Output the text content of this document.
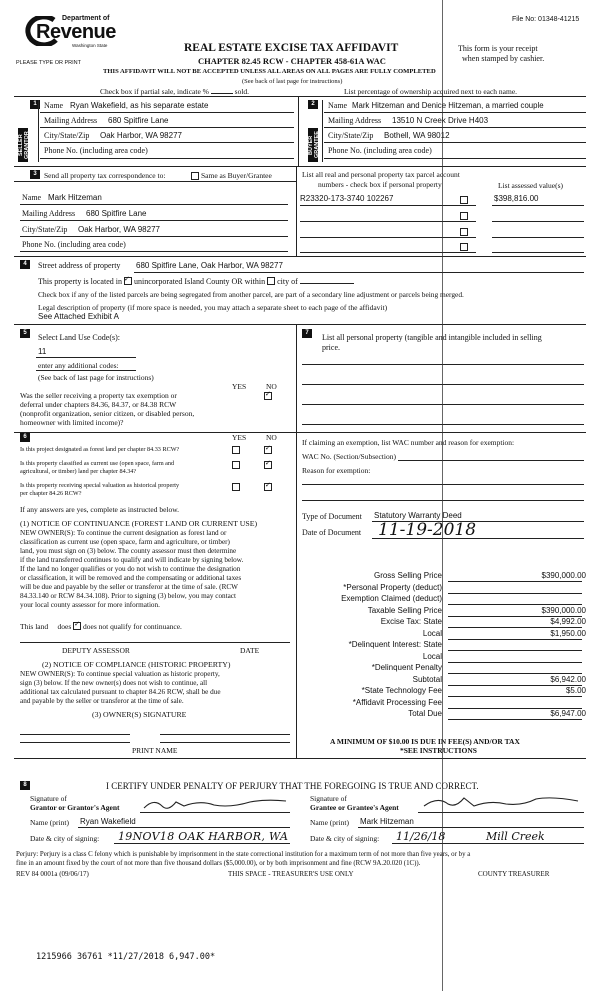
Department of
Revenue
Washington State
PLEASE TYPE OR PRINT
File No: 01348-41215
REAL ESTATE EXCISE TAX AFFIDAVIT
CHAPTER 82.45 RCW - CHAPTER 458-61A WAC
This form is your receipt
when stamped by cashier.
THIS AFFIDAVIT WILL NOT BE ACCEPTED UNLESS ALL AREAS ON ALL PAGES ARE FULLY COMPLETED
(See back of last page for instructions)
Check box if partial sale, indicate %	sold.	List percentage of ownership acquired next to each name.
1
SELLER GRANTOR
Name Ryan Wakefield, as his separate estate
Mailing Address 680 Spitfire Lane
City/State/Zip Oak Harbor, WA 98277
Phone No. (including area code)
2
BUYER GRANTEE
Name Mark Hitzeman and Denice Hitzeman, a married couple
Mailing Address 13510 N Creek Drive H403
City/State/Zip Bothell, WA 98012
Phone No. (including area code)
3 Send all property tax correspondence to:	Same as Buyer/Grantee
Name Mark Hitzeman
Mailing Address 680 Spitfire Lane
City/State/Zip Oak Harbor, WA 98277
Phone No. (including area code)
List all real and personal property tax parcel account
numbers - check box if personal property	List assessed value(s)
R23320-173-3740 102267	$398,816.00
4	Street address of property 680 Spitfire Lane, Oak Harbor, WA 98277
This property is located in ✓ unincorporated Island County OR within city of
Check box if any of the listed parcels are being segregated from another parcel, are part of a secondary line adjustment or parcels being merged.
Legal description of property (if more space is needed, you may attach a separate sheet to each page of the affidavit)
See Attached Exhibit A
5	Select Land Use Code(s):
11
enter any additional codes:
(See back of last page for instructions)
YES	NO
Was the seller receiving a property tax exemption or
deferral under chapters 84.36, 84.37, or 84.38 RCW
(nonprofit organization, senior citizen, or disabled person,
homeowner with limited income)?
✓
7	List all personal property (tangible and intangible included in selling
price.
6	YES	NO
Is this project designated as forest land per chapter 84.33 RCW?	✓
Is this property classified as current use (open space, farm and
agricultural, or timber) land per chapter 84.34?
✓
Is this property receiving special valuation as historical property
per chapter 84.26 RCW?
✓
If any answers are yes, complete as instructed below.
(1) NOTICE OF CONTINUANCE (FOREST LAND OR CURRENT USE)
NEW OWNER(S): To continue the current designation as forest land or
classification as current use (open space, farm and agriculture, or timber)
land, you must sign on (3) below. The county assessor must then determine
if the land transferred continues to qualify and will indicate by signing below.
If the land no longer qualifies or you do not wish to continue the designation
or classification, it will be removed and the compensating or additional taxes
will be due and payable by the seller or transferor at the time of sale. (RCW
84.33.140 or RCW 84.34.108). Prior to signing (3) below, you may contact
your local county assessor for more information.
This land does ✓ does not qualify for continuance.
DEPUTY ASSESSOR	DATE
(2) NOTICE OF COMPLIANCE (HISTORIC PROPERTY)
NEW OWNER(S): To continue special valuation as historic property,
sign (3) below. If the new owner(s) does not wish to continue, all
additional tax calculated pursuant to chapter 84.26 RCW, shall be due
and payable by the seller or transferor at the time of sale.
(3) OWNER(S) SIGNATURE
PRINT NAME
If claiming an exemption, list WAC number and reason for exemption:
WAC No. (Section/Subsection)
Reason for exemption:
Type of Document Statutory Warranty Deed
Date of Document 11-19-2018
Gross Selling Price	$390,000.00
*Personal Property (deduct)
Exemption Claimed (deduct)
Taxable Selling Price	$390,000.00
Excise Tax: State	$4,992.00
Local	$1,950.00
*Delinquent Interest: State
Local
*Delinquent Penalty
Subtotal	$6,942.00
*State Technology Fee	$5.00
*Affidavit Processing Fee
Total Due	$6,947.00
A MINIMUM OF $10.00 IS DUE IN FEE(S) AND/OR TAX
*SEE INSTRUCTIONS
8	I CERTIFY UNDER PENALTY OF PERJURY THAT THE FOREGOING IS TRUE AND CORRECT.
Signature of
Grantor or Grantor's Agent
Name (print) Ryan Wakefield
Date & city of signing: 19NOV18 OAK HARBOR, WA
Signature of
Grantee or Grantee's Agent
Name (print) Mark Hitzeman
Date & city of signing: 11/26/18	Mill Creek
Perjury: Perjury is a class C felony which is punishable by imprisonment in the state correctional institution for a maximum term of not more than five years, or by a
fine in an amount fixed by the court of not more than five thousand dollars ($5,000.00), or by both imprisonment and fine (RCW 9A.20.020 (1C)).
REV 84 0001a (09/06/17)	THIS SPACE - TREASURER'S USE ONLY	COUNTY TREASURER
1215966 36761 *11/27/2018 6,947.00*
